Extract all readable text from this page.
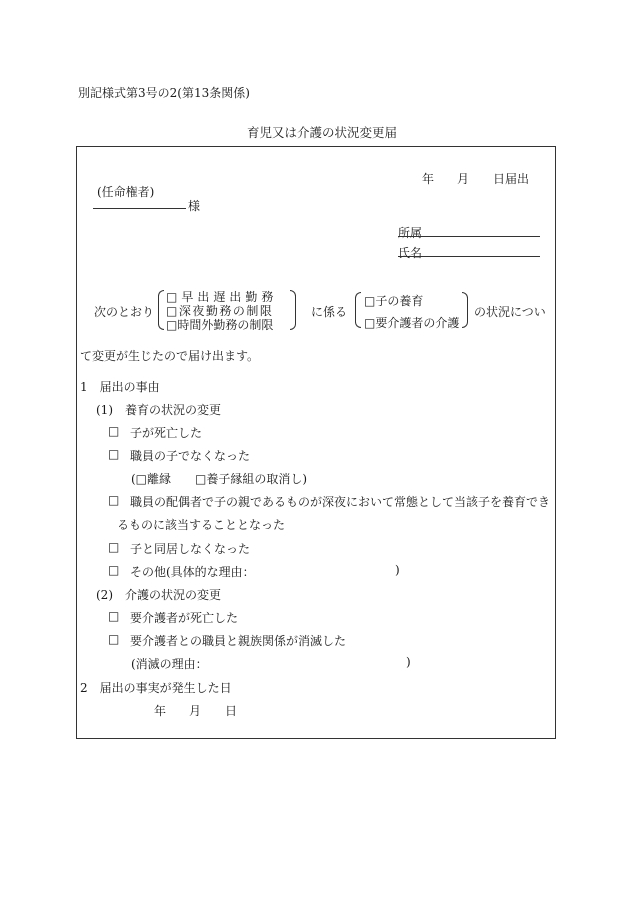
別記様式第3号の2(第13条関係)
育児又は介護の状況変更届
年 月 日届出
(任命権者)
様
所属
氏名
次のとおり
□早出遅出勤務
□深夜勤務の制限
□時間外勤務の制限
に係る
□子の養育
□要介護者の介護
の状況につい
て変更が生じたので届け出ます。
1　届出の事由
(1)　養育の状況の変更
□ 子が死亡した
□ 職員の子でなくなった
(□離縁　　□養子縁組の取消し)
□ 職員の配偶者で子の親であるものが深夜において常態として当該子を養育でき
るものに該当することとなった
□ 子と同居しなくなった
□ その他(具体的な理由：	)
(2)　介護の状況の変更
□ 要介護者が死亡した
□ 要介護者との職員と親族関係が消滅した
(消滅の理由：	)
2　届出の事実が発生した日
年 月 日
